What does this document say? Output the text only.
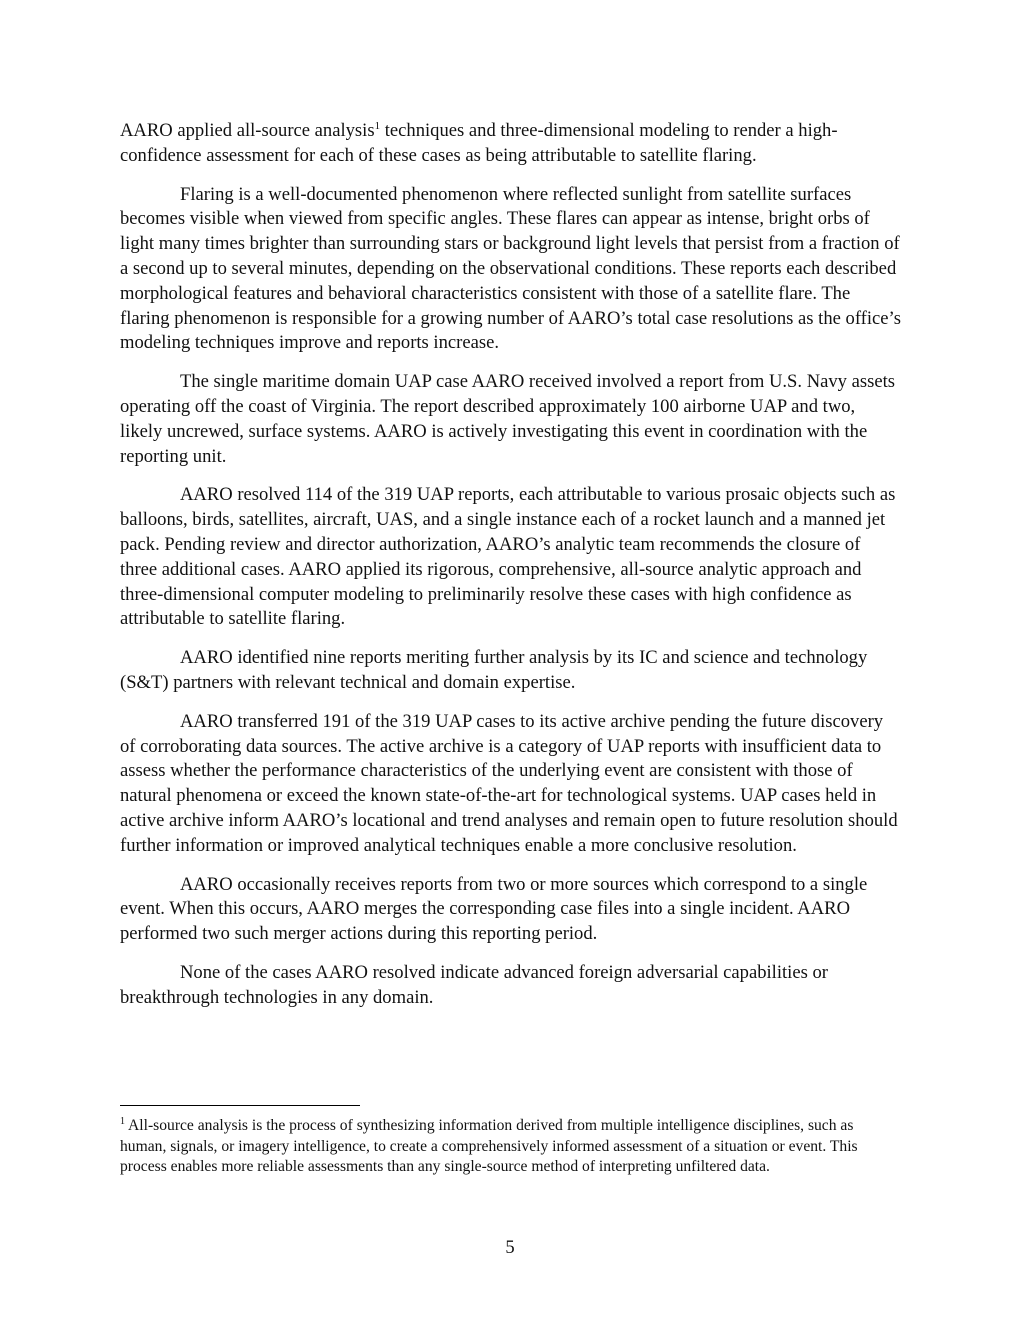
AARO applied all-source analysis$^1$ techniques and three-dimensional modeling to render a high-confidence assessment for each of these cases as being attributable to satellite flaring.

Flaring is a well-documented phenomenon where reflected sunlight from satellite surfaces becomes visible when viewed from specific angles. These flares can appear as intense, bright orbs of light many times brighter than surrounding stars or background light levels that persist from a fraction of a second up to several minutes, depending on the observational conditions. These reports each described morphological features and behavioral characteristics consistent with those of a satellite flare. The flaring phenomenon is responsible for a growing number of AARO’s total case resolutions as the office’s modeling techniques improve and reports increase.

The single maritime domain UAP case AARO received involved a report from U.S. Navy assets operating off the coast of Virginia. The report described approximately 100 airborne UAP and two, likely uncrewed, surface systems. AARO is actively investigating this event in coordination with the reporting unit.

AARO resolved 114 of the 319 UAP reports, each attributable to various prosaic objects such as balloons, birds, satellites, aircraft, UAS, and a single instance each of a rocket launch and a manned jet pack. Pending review and director authorization, AARO’s analytic team recommends the closure of three additional cases. AARO applied its rigorous, comprehensive, all-source analytic approach and three-dimensional computer modeling to preliminarily resolve these cases with high confidence as attributable to satellite flaring.

AARO identified nine reports meriting further analysis by its IC and science and technology (S&T) partners with relevant technical and domain expertise.

AARO transferred 191 of the 319 UAP cases to its active archive pending the future discovery of corroborating data sources. The active archive is a category of UAP reports with insufficient data to assess whether the performance characteristics of the underlying event are consistent with those of natural phenomena or exceed the known state-of-the-art for technological systems. UAP cases held in active archive inform AARO’s locational and trend analyses and remain open to future resolution should further information or improved analytical techniques enable a more conclusive resolution.

AARO occasionally receives reports from two or more sources which correspond to a single event. When this occurs, AARO merges the corresponding case files into a single incident. AARO performed two such merger actions during this reporting period.

None of the cases AARO resolved indicate advanced foreign adversarial capabilities or breakthrough technologies in any domain.

$^1$ All-source analysis is the process of synthesizing information derived from multiple intelligence disciplines, such as human, signals, or imagery intelligence, to create a comprehensively informed assessment of a situation or event. This process enables more reliable assessments than any single-source method of interpreting unfiltered data.
5
